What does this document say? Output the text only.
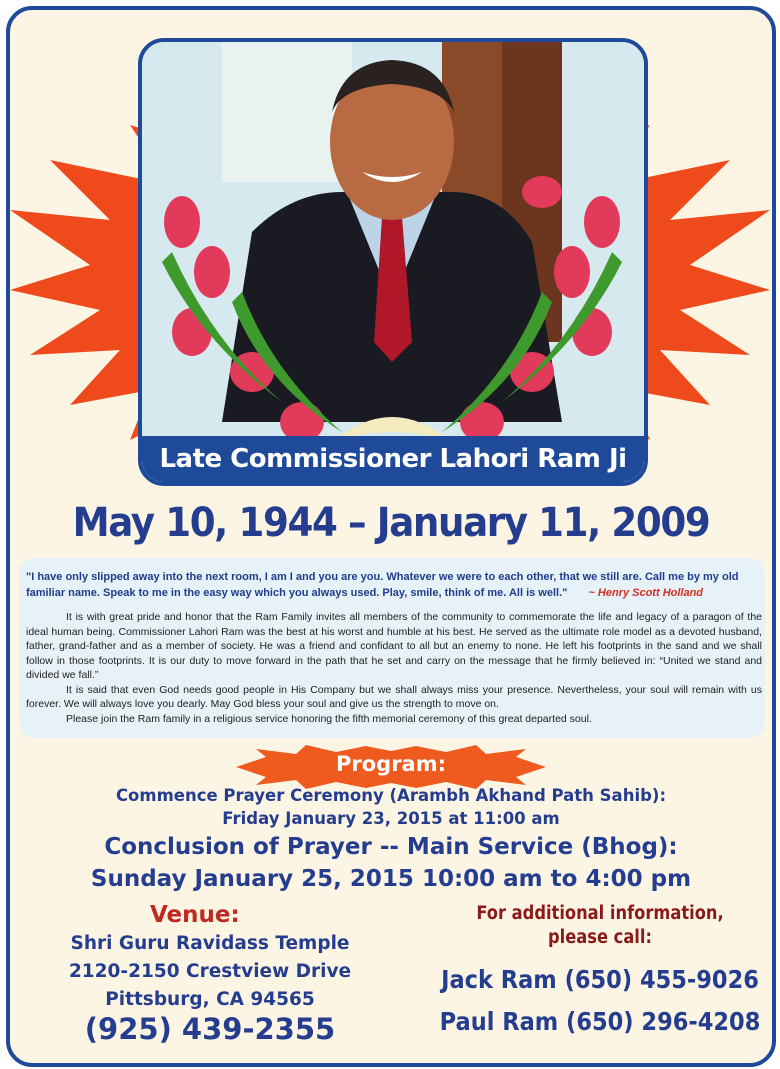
Late Commissioner Lahori Ram Ji
May 10, 1944 – January 11, 2009
"I have only slipped away into the next room, I am I and you are you. Whatever we were to each other, that we still are. Call me by my old familiar name. Speak to me in the easy way which you always used. Play, smile, think of me. All is well." ~ Henry Scott Holland

It is with great pride and honor that the Ram Family invites all members of the community to commemorate the life and legacy of a paragon of the ideal human being. Commissioner Lahori Ram was the best at his worst and humble at his best. He served as the ultimate role model as a devoted husband, father, grand-father and as a member of society. He was a friend and confidant to all but an enemy to none. He left his footprints in the sand and we shall follow in those footprints. It is our duty to move forward in the path that he set and carry on the message that he firmly believed in: “United we stand and divided we fall.”

It is said that even God needs good people in His Company but we shall always miss your presence. Nevertheless, your soul will remain with us forever. We will always love you dearly. May God bless your soul and give us the strength to move on.

Please join the Ram family in a religious service honoring the fifth memorial ceremony of this great departed soul.

Program:
Commence Prayer Ceremony (Arambh Akhand Path Sahib):
Friday January 23, 2015 at 11:00 am
Conclusion of Prayer -- Main Service (Bhog):
Sunday January 25, 2015 10:00 am to 4:00 pm
Venue:
Shri Guru Ravidass Temple
2120-2150 Crestview Drive
Pittsburg, CA 94565
(925) 439-2355
For additional information,
please call:
Jack Ram (650) 455-9026
Paul Ram (650) 296-4208
